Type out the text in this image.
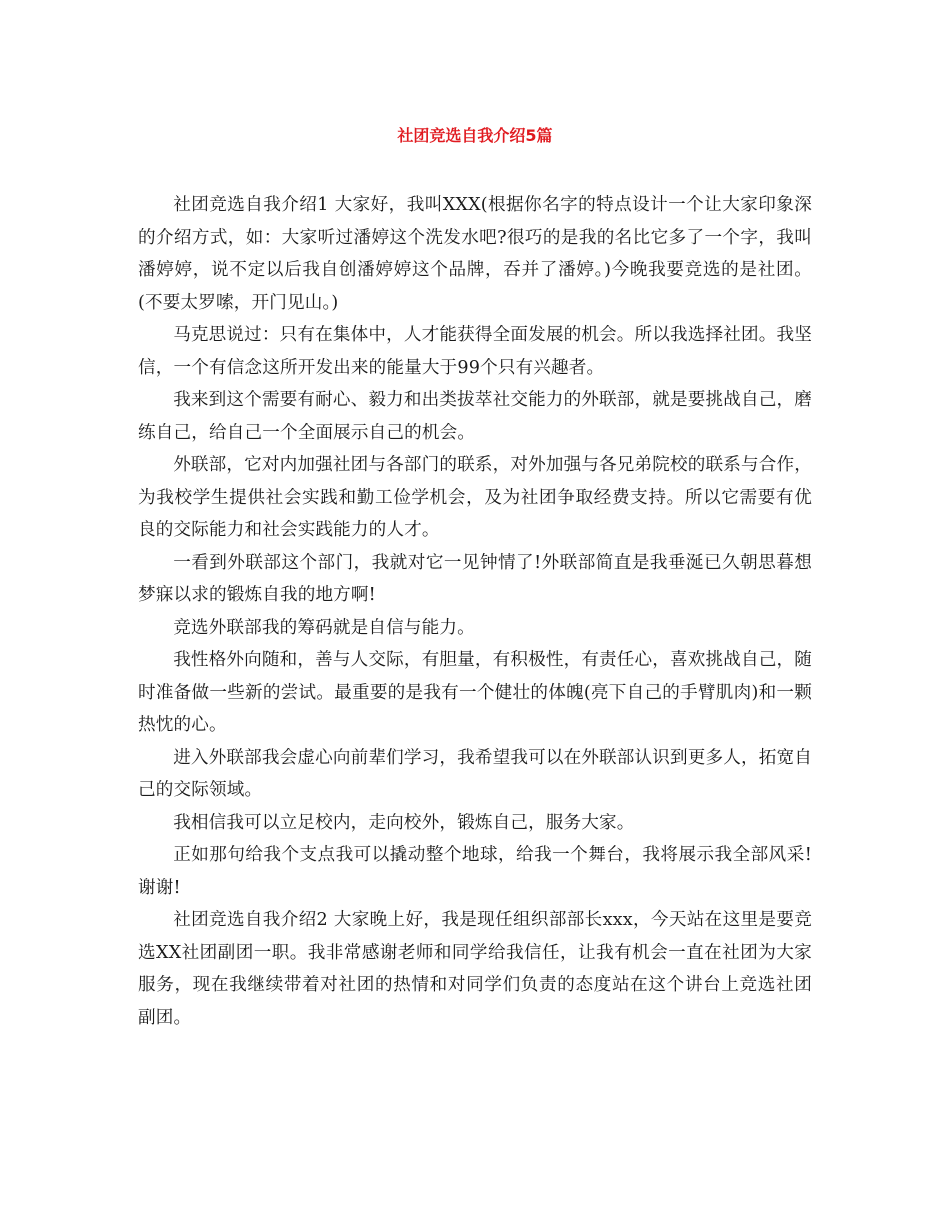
社团竞选自我介绍5篇

社团竞选自我介绍1 大家好，我叫XXX(根据你名字的特点设计一个让大家印象深的介绍方式，如：大家听过潘婷这个洗发水吧?很巧的是我的名比它多了一个字，我叫潘婷婷，说不定以后我自创潘婷婷这个品牌，吞并了潘婷。)今晚我要竞选的是社团。(不要太罗嗦，开门见山。)

马克思说过：只有在集体中，人才能获得全面发展的机会。所以我选择社团。我坚信，一个有信念这所开发出来的能量大于99个只有兴趣者。

我来到这个需要有耐心、毅力和出类拔萃社交能力的外联部，就是要挑战自己，磨练自己，给自己一个全面展示自己的机会。

外联部，它对内加强社团与各部门的联系，对外加强与各兄弟院校的联系与合作，为我校学生提供社会实践和勤工俭学机会，及为社团争取经费支持。所以它需要有优良的交际能力和社会实践能力的人才。

一看到外联部这个部门，我就对它一见钟情了!外联部简直是我垂涎已久朝思暮想梦寐以求的锻炼自我的地方啊!

竞选外联部我的筹码就是自信与能力。

我性格外向随和，善与人交际，有胆量，有积极性，有责任心，喜欢挑战自己，随时准备做一些新的尝试。最重要的是我有一个健壮的体魄(亮下自己的手臂肌肉)和一颗热忱的心。

进入外联部我会虚心向前辈们学习，我希望我可以在外联部认识到更多人，拓宽自己的交际领域。

我相信我可以立足校内，走向校外，锻炼自己，服务大家。

正如那句给我个支点我可以撬动整个地球，给我一个舞台，我将展示我全部风采!谢谢!

社团竞选自我介绍2 大家晚上好，我是现任组织部部长xxx，今天站在这里是要竞选XX社团副团一职。我非常感谢老师和同学给我信任，让我有机会一直在社团为大家服务，现在我继续带着对社团的热情和对同学们负责的态度站在这个讲台上竞选社团副团。
